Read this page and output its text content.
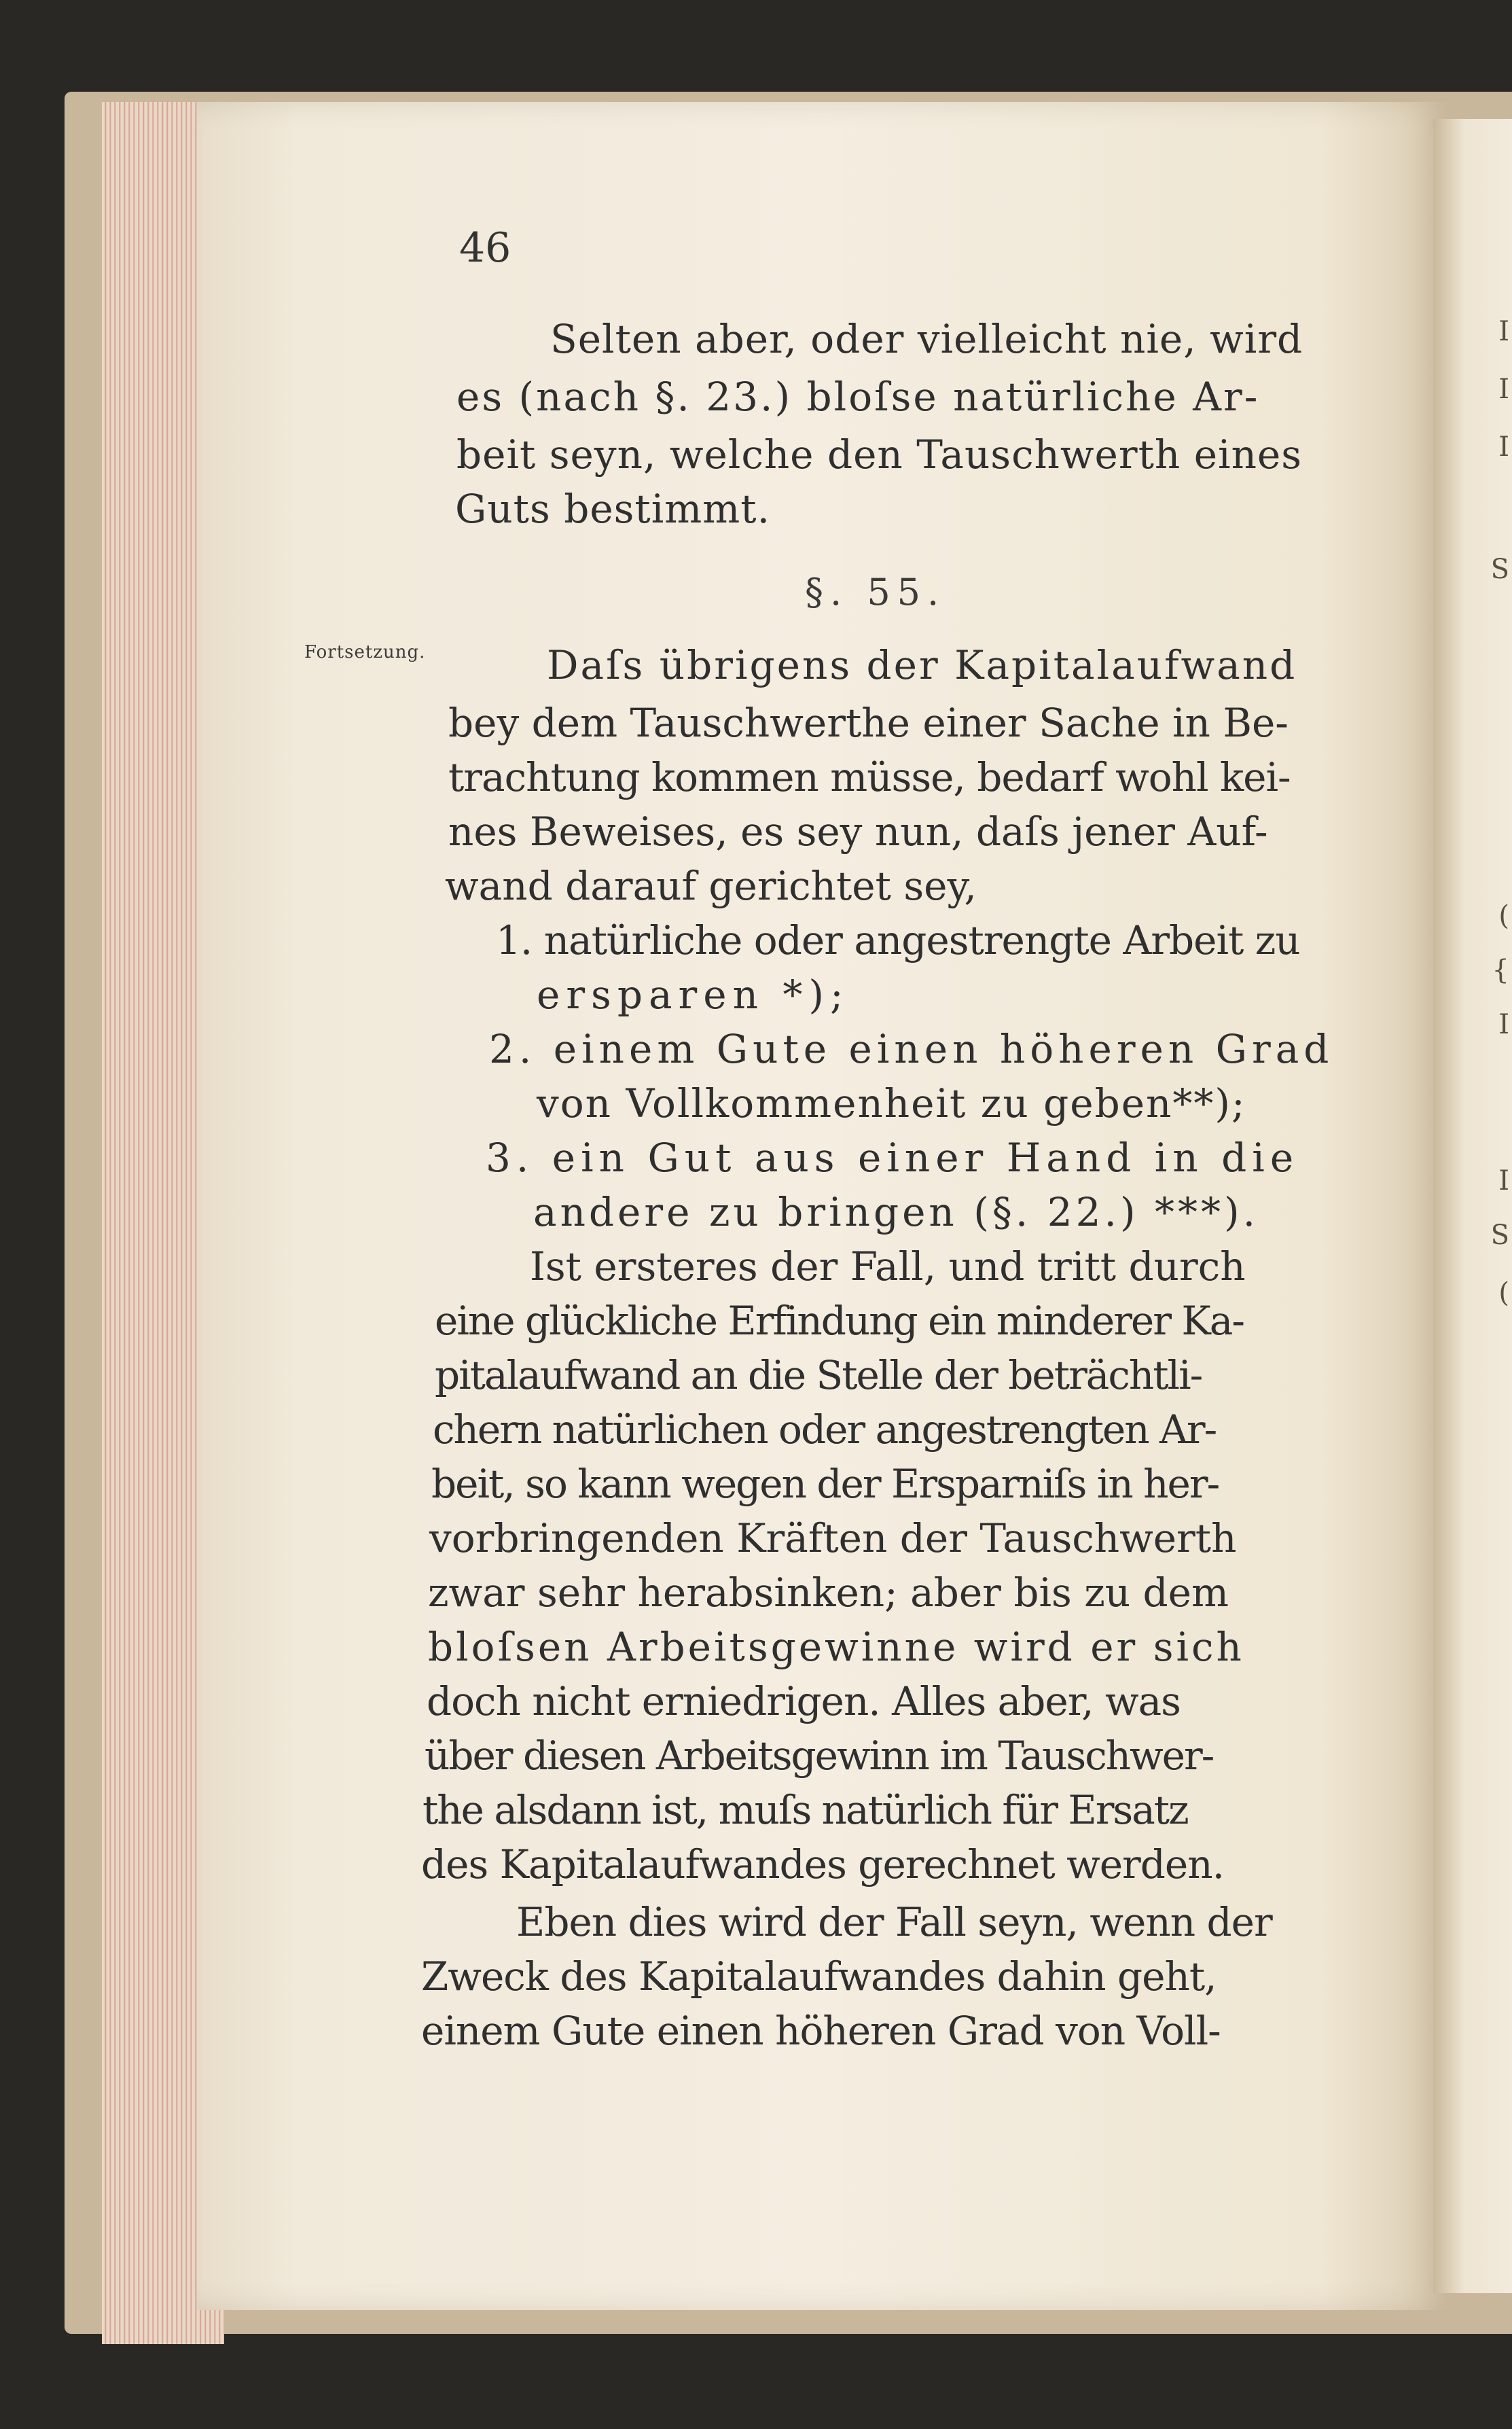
I
I
I
S
(
{
I
I
S
(
46
Fortsetzung.
§. 55.
Selten aber, oder vielleicht nie, wird
es (nach §. 23.) bloſse natürliche Ar-
beit seyn, welche den Tauschwerth eines
Guts bestimmt.
Daſs übrigens der Kapitalaufwand
bey dem Tauschwerthe einer Sache in Be-
trachtung kommen müsse, bedarf wohl kei-
nes Beweises, es sey nun, daſs jener Auf-
wand darauf gerichtet sey,
1. natürliche oder angestrengte Arbeit zu
ersparen *);
2. einem Gute einen höheren Grad
von Vollkommenheit zu geben**);
3. ein Gut aus einer Hand in die
andere zu bringen (§. 22.) ***).
Ist ersteres der Fall, und tritt durch
eine glückliche Erfindung ein minderer Ka-
pitalaufwand an die Stelle der beträchtli-
chern natürlichen oder angestrengten Ar-
beit, so kann wegen der Ersparniſs in her-
vorbringenden Kräften der Tauschwerth
zwar sehr herabsinken; aber bis zu dem
bloſsen Arbeitsgewinne wird er sich
doch nicht erniedrigen. Alles aber, was
über diesen Arbeitsgewinn im Tauschwer-
the alsdann ist, muſs natürlich für Ersatz
des Kapitalaufwandes gerechnet werden.
Eben dies wird der Fall seyn, wenn der
Zweck des Kapitalaufwandes dahin geht,
einem Gute einen höheren Grad von Voll-
